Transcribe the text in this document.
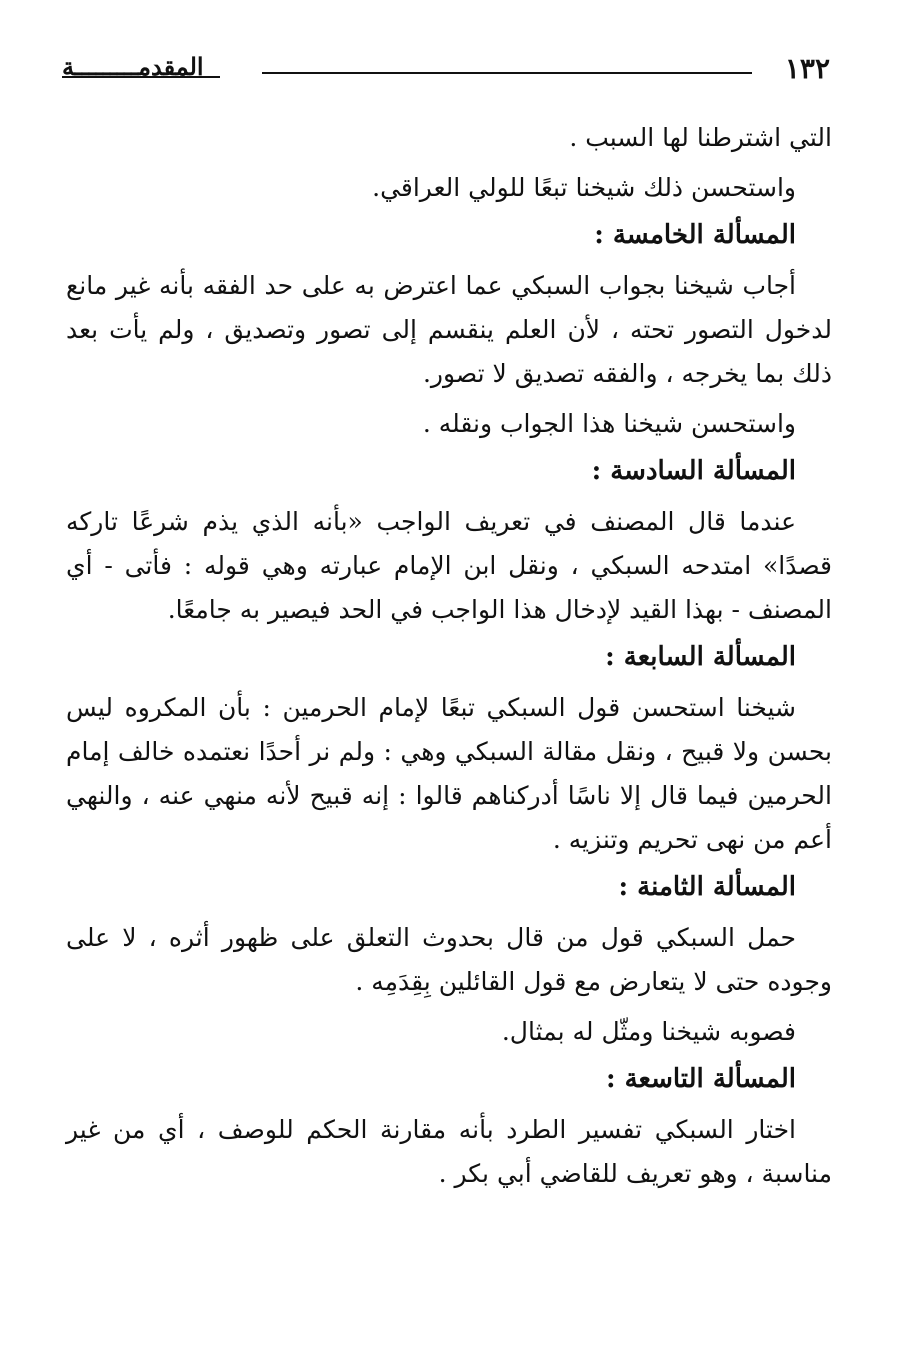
١٣٢
المقدمـــــــــة

التي اشترطنا لها السبب .

واستحسن ذلك شيخنا تبعًا للولي العراقي.

المسألة الخامسة :

أجاب شيخنا بجواب السبكي عما اعترض به على حد الفقه بأنه غير مانع لدخول التصور تحته ، لأن العلم ينقسم إلى تصور وتصديق ، ولم يأت بعد ذلك بما يخرجه ، والفقه تصديق لا تصور.

واستحسن شيخنا هذا الجواب ونقله .

المسألة السادسة :

عندما قال المصنف في تعريف الواجب «بأنه الذي يذم شرعًا تاركه قصدًا» امتدحه السبكي ، ونقل ابن الإمام عبارته وهي قوله : فأتى - أي المصنف - بهذا القيد لإدخال هذا الواجب في الحد فيصير به جامعًا.

المسألة السابعة :

شيخنا استحسن قول السبكي تبعًا لإمام الحرمين : بأن المكروه ليس بحسن ولا قبيح ، ونقل مقالة السبكي وهي : ولم نر أحدًا نعتمده خالف إمام الحرمين فيما قال إلا ناسًا أدركناهم قالوا : إنه قبيح لأنه منهي عنه ، والنهي أعم من نهى تحريم وتنزيه .

المسألة الثامنة :

حمل السبكي قول من قال بحدوث التعلق على ظهور أثره ، لا على وجوده حتى لا يتعارض مع قول القائلين بِقِدَمِه .

فصوبه شيخنا ومثّل له بمثال.

المسألة التاسعة :

اختار السبكي تفسير الطرد بأنه مقارنة الحكم للوصف ، أي من غير مناسبة ، وهو تعريف للقاضي أبي بكر .
